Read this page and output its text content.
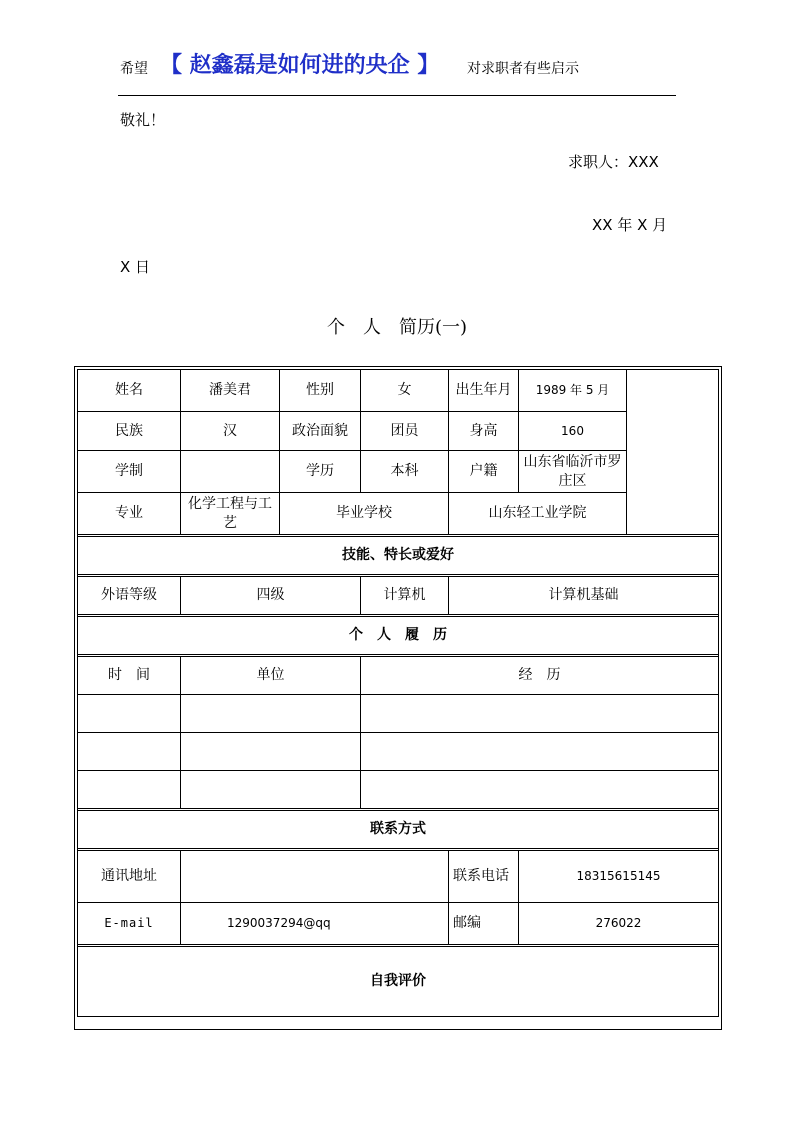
希望 【 赵鑫磊是如何进的央企 】 对求职者有些启示
敬礼！
求职人：XXX
XX 年 X 月
X 日
个　人　简历(一)
姓名	潘美君	性别	女	出生年月	1989 年 5 月	
民族	汉	政治面貌	团员	身高	160	
学制		学历	本科	户籍	山东省临沂市罗庄区	
专业	化学工程与工艺	毕业学校		山东轻工业学院		

技能、特长或爱好						

外语等级	四级		计算机	计算机基础		

个　人　履　历						

时　间	单位		经　历			

联系方式						

通讯地址				联系电话	18315615145	
E-mail	1290037294@qq			邮编	276022	

自我评价						
